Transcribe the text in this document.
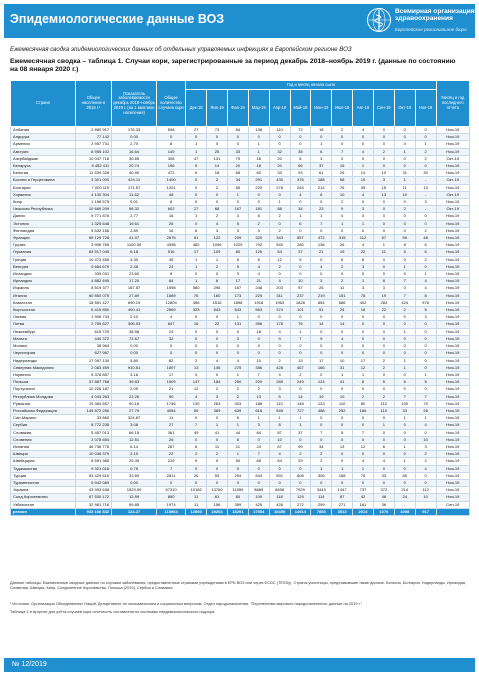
Эпидемиологические данные ВОЗ
Всемирная организация
здравоохранения
Европейское региональное бюро
Ежемесячная сводка эпидемиологических данных об отдельных управляемых инфекциях в Европейском регионе ВОЗ
Ежемесячная сводка – таблица 1. Случаи кори, зарегистрированные за период декабрь 2018–ноябрь 2019 г. (данные по состоянию на 08 января 2020 г.)
Страна	Общее население в 2019 г.¹	Показатель заболеваемости декабрь 2018–ноябрь 2019 г. (на 1 миллион населения)	Общее количество случаев кори	Год и месяц начала сыпи												Месяц и год последнего отчета
				Дек-18	Янв-19	Фев-19	Мар-19	Апр-19	Май-19	Июн-19	Июл-19	Авг-19	Сен-19	Окт-19	Ноя-19	
Албания	2 880 917	176.33	508	27	73	84	138	110	72	18	2	4	0	0	0	Ноя-19
Андорра	77 142	0.00	0	0	0	0	0	0	0	0	0	0	0	0	0	Ноя-19
Армения	2 957 731	2.70	8	1	0	0	1	0	0	1	0	0	0	4	1	Ноя-19
Австрия	8 955 102	16.64	149	1	25	33	1	32	35	6	7	4	2	1	2	Ноя-19
Азербайджан	10 047 718	30.65	308	47	131	79	18	20	8	3	0	0	0	0	2	Окт-19
Беларусь	9 452 411	20.74	196	5	14	20	18	20	66	37	15	1	0	0	0	Ноя-19
Бельгия	11 539 328	40.90	472	6	18	65	60	33	93	61	25	14	10	31	30	Ноя-19
Босния и Герцеговина	3 301 000	424.11	1400	0	2	34	291	430	376	188	58	19	3	1	-	Окт-19
Болгария	7 000 119	171.57	1201	0	2	65	229	278	263	214	76	35	15	11	13	Ноя-19
Хорватия	4 130 304	11.62	48	0	0	1	0	0	4	6	10	4	13	10	-	Окт-19
Кипр	1 198 575	5.01	6	0	0	0	0	1	0	0	2	0	0	0	3	Ноя-19
Чешская Республика	10 689 209	56.32	602	27	68	167	181	88	34	23	9	3	0	2	-	Окт-19
Дания	5 771 876	2.77	16	1	2	3	6	2	1	1	0	0	0	0	0	Ноя-19
Эстония	1 325 648	19.61	26	0	4	5	2	0	6	7	1	1	0	0	0	Ноя-19
Финляндия	5 532 156	2.89	16	6	3	3	0	2	0	0	0	0	0	0	2	Ноя-19
Франция	65 129 728	41.07	2675	61	122	209	320	343	557	472	315	112	57	59	48	Ноя-19
Грузия	3 996 765	1100.39	4398	482	1096	1029	792	540	280	136	26	4	1	8	6	Ноя-19
Германия	83 517 045	6.18	516	17	109	80	125	64	37	21	19	22	11	5	6	Ноя-19
Греция	10 473 455	4.30	45	1	1	5	5	12	5	0	6	8	0	0	2	Ноя-19
Венгрия	9 684 679	2.48	24	1	2	5	4	2	0	4	2	3	0	1	0	Ноя-19
Исландия	339 031	23.60	8	0	0	3	4	0	0	0	0	0	0	0	1	Ноя-19
Ирландия	4 882 495	17.20	84	1	6	17	21	4	10	3	2	1	8	7	4	Ноя-19
Израиль	8 519 377	187.57	1598	580	296	167	248	203	57	26	11	3	3	0	4	Ноя-19
Италия	60 550 075	27.89	1689	76	160	173	229	311	237	219	151	78	19	7	8	Ноя-19
Казахстан	18 551 427	690.19	12804	456	1516	1898	1918	1963	1828	854	586	402	283	424	576	Ноя-19
Кыргызстан	6 415 850	400.41	2569	323	543	543	563	374	101	51	24	18	22	2	5	Ноя-19
Латвия	1 906 743	2.10	4	0	0	1	0	0	0	0	0	0	0	0	3	Ноя-19
Литва	2 759 627	306.93	847	16	22	131	396	178	76	14	14	0	0	0	0	Ноя-19
Люксембург	615 729	38.98	24	0	0	0	18	4	1	0	0	0	0	1	0	Ноя-19
Мальта	440 372	72.67	32	0	0	3	0	9	7	9	4	0	0	0	0	Ноя-19
Монако	38 964	0.00	0	0	0	0	0	0	0	0	0	0	0	0	0	Ноя-19
Черногория	627 987	0.00	0	0	0	0	0	0	0	0	0	0	0	0	0	Ноя-19
Нидерланды	17 097 130	4.80	82	2	4	4	10	2	13	17	10	17	2	1	0	Ноя-19
Северная Македония	2 083 459	910.51	1897	13	146	275	356	428	467	166	31	12	2	1	0	Ноя-19
Норвегия	5 378 857	3.16	17	0	0	1	7	4	2	0	1	1	0	0	1	Ноя-19
Польша	37 887 768	39.83	1509	147	184	250	200	289	249	124	41	8	5	6	5	Ноя-19
Португалия	10 226 187	2.05	21	12	2	2	2	3	0	0	0	0	0	0	0	Ноя-19
Республика Молдова	4 043 263	22.26	90	4	3	2	13	5	14	19	10	2	2	7	7	Ноя-19
Румыния	19 364 557	90.16	1746	130	263	303	188	110	148	123	110	80	112	100	79	Ноя-19
Российская Федерация	145 872 256	27.79	4054	59	389	639	616	549	727	488	252	166	110	33	26	Ноя-19
Сан-Марино	33 860	324.87	11	0	0	6	1	1	1	0	0	0	0	1	1	Ноя-19
Сербия	8 772 235	3.08	27	7	1	1	3	8	1	0	0	0	1	0	4	Ноя-19
Словакия	5 457 013	66.15	361	49	41	44	84	87	37	7	5	7	0	0	0	Ноя-19
Словения	2 078 654	12.51	26	0	0	6	0	10	0	0	0	0	0	0	10	Ноя-19
Испания	46 736 776	6.14	287	6	11	11	24	67	99	34	13	12	6	1	3	Ноя-19
Швеция	10 036 379	2.19	22	2	2	1	7	4	2	2	0	0	0	0	2	Ноя-19
Швейцария	8 591 365	25.49	219	9	9	50	65	64	29	2	0	4	4	1	2	Ноя-19
Таджикистан	9 321 018	0.75	7	0	0	0	0	0	0	1	1	1	0	0	4	Ноя-19
Турция	83 429 615	33.69	2811	26	53	294	544	591	806	306	158	76	33	65	0	Ноя-19
Туркменистан	5 942 089	0.00	0	0	0	0	0	0	0	0	0	0	0	0	0	Ноя-19
Украина	43 993 638	1529.99	67310	10182	13760	11559	8889	8698	7929	3443	1447	737	372	214	112	Ноя-19
Соед.Королевство	67 530 172	12.59	850	11	81	80	109	118	129	114	87	42	46	24	10	Ноя-19
Узбекистан	32 981 716	59.85	1974	11	156	359	425	426	272	299	271	161	36	-	-	Сен-19
регион	933 166 832	124.27	115964	12893	19204	18291	17554	16459	14914	7853	3512	2014	1076	1008	917	
Данные таблицы: Ежемесячные сводные данные по случаям заболевания, предоставленные странами учреждениям в ЕРБ ВОЗ или через ECDC (TESSy). Страны участницы, представившие такие данные: Бельгия, Болгария, Нидерланды, Ирландия, Словения, Швеция, Кипр, Соединенное Королевство, Польша (2019), Сербия и Словакия.
¹ Источник: Организация Объединенных Наций, Департамент по экономическим и социальным вопросам, Отдел народонаселения. "Перспективы мирового народонаселения: данные на 2019 г."
Таблица 1 в Артрите для учёта случаев кори отчетность составлена по системам епидемиологического надзора.
№ 12/2019
